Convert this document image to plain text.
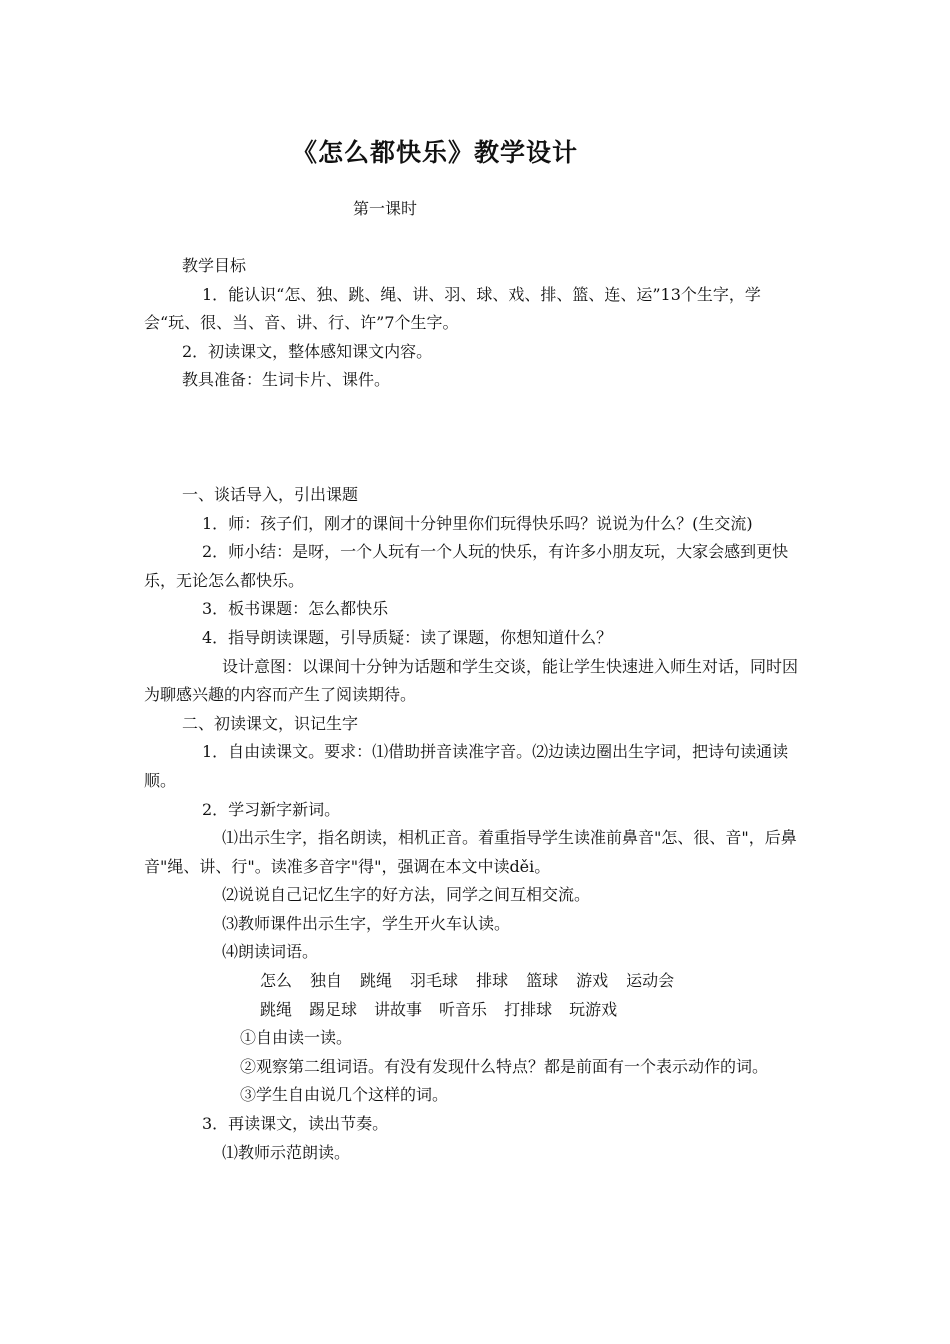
《怎么都快乐》教学设计
第一课时

教学目标

1．能认识“怎、独、跳、绳、讲、羽、球、戏、排、篮、连、运”13个生字，学会“玩、很、当、音、讲、行、许”7个生字。

2．初读课文，整体感知课文内容。

教具准备：生词卡片、课件。

一、谈话导入，引出课题

1．师：孩子们，刚才的课间十分钟里你们玩得快乐吗？说说为什么？(生交流)

2．师小结：是呀，一个人玩有一个人玩的快乐，有许多小朋友玩，大家会感到更快乐，无论怎么都快乐。

3．板书课题：怎么都快乐

4．指导朗读课题，引导质疑：读了课题，你想知道什么？

设计意图：以课间十分钟为话题和学生交谈，能让学生快速进入师生对话，同时因为聊感兴趣的内容而产生了阅读期待。

二、初读课文，识记生字

1．自由读课文。要求：⑴借助拼音读准字音。⑵边读边圈出生字词，把诗句读通读顺。

2．学习新字新词。

⑴出示生字，指名朗读，相机正音。着重指导学生读准前鼻音"怎、很、音"，后鼻音"绳、讲、行"。读准多音字"得"，强调在本文中读děi。

⑵说说自己记忆生字的好方法，同学之间互相交流。

⑶教师课件出示生字，学生开火车认读。

⑷朗读词语。

怎么 独自 跳绳 羽毛球 排球 篮球 游戏 运动会

跳绳 踢足球 讲故事 听音乐 打排球 玩游戏

①自由读一读。

②观察第二组词语。有没有发现什么特点？都是前面有一个表示动作的词。

③学生自由说几个这样的词。

3．再读课文，读出节奏。

⑴教师示范朗读。
